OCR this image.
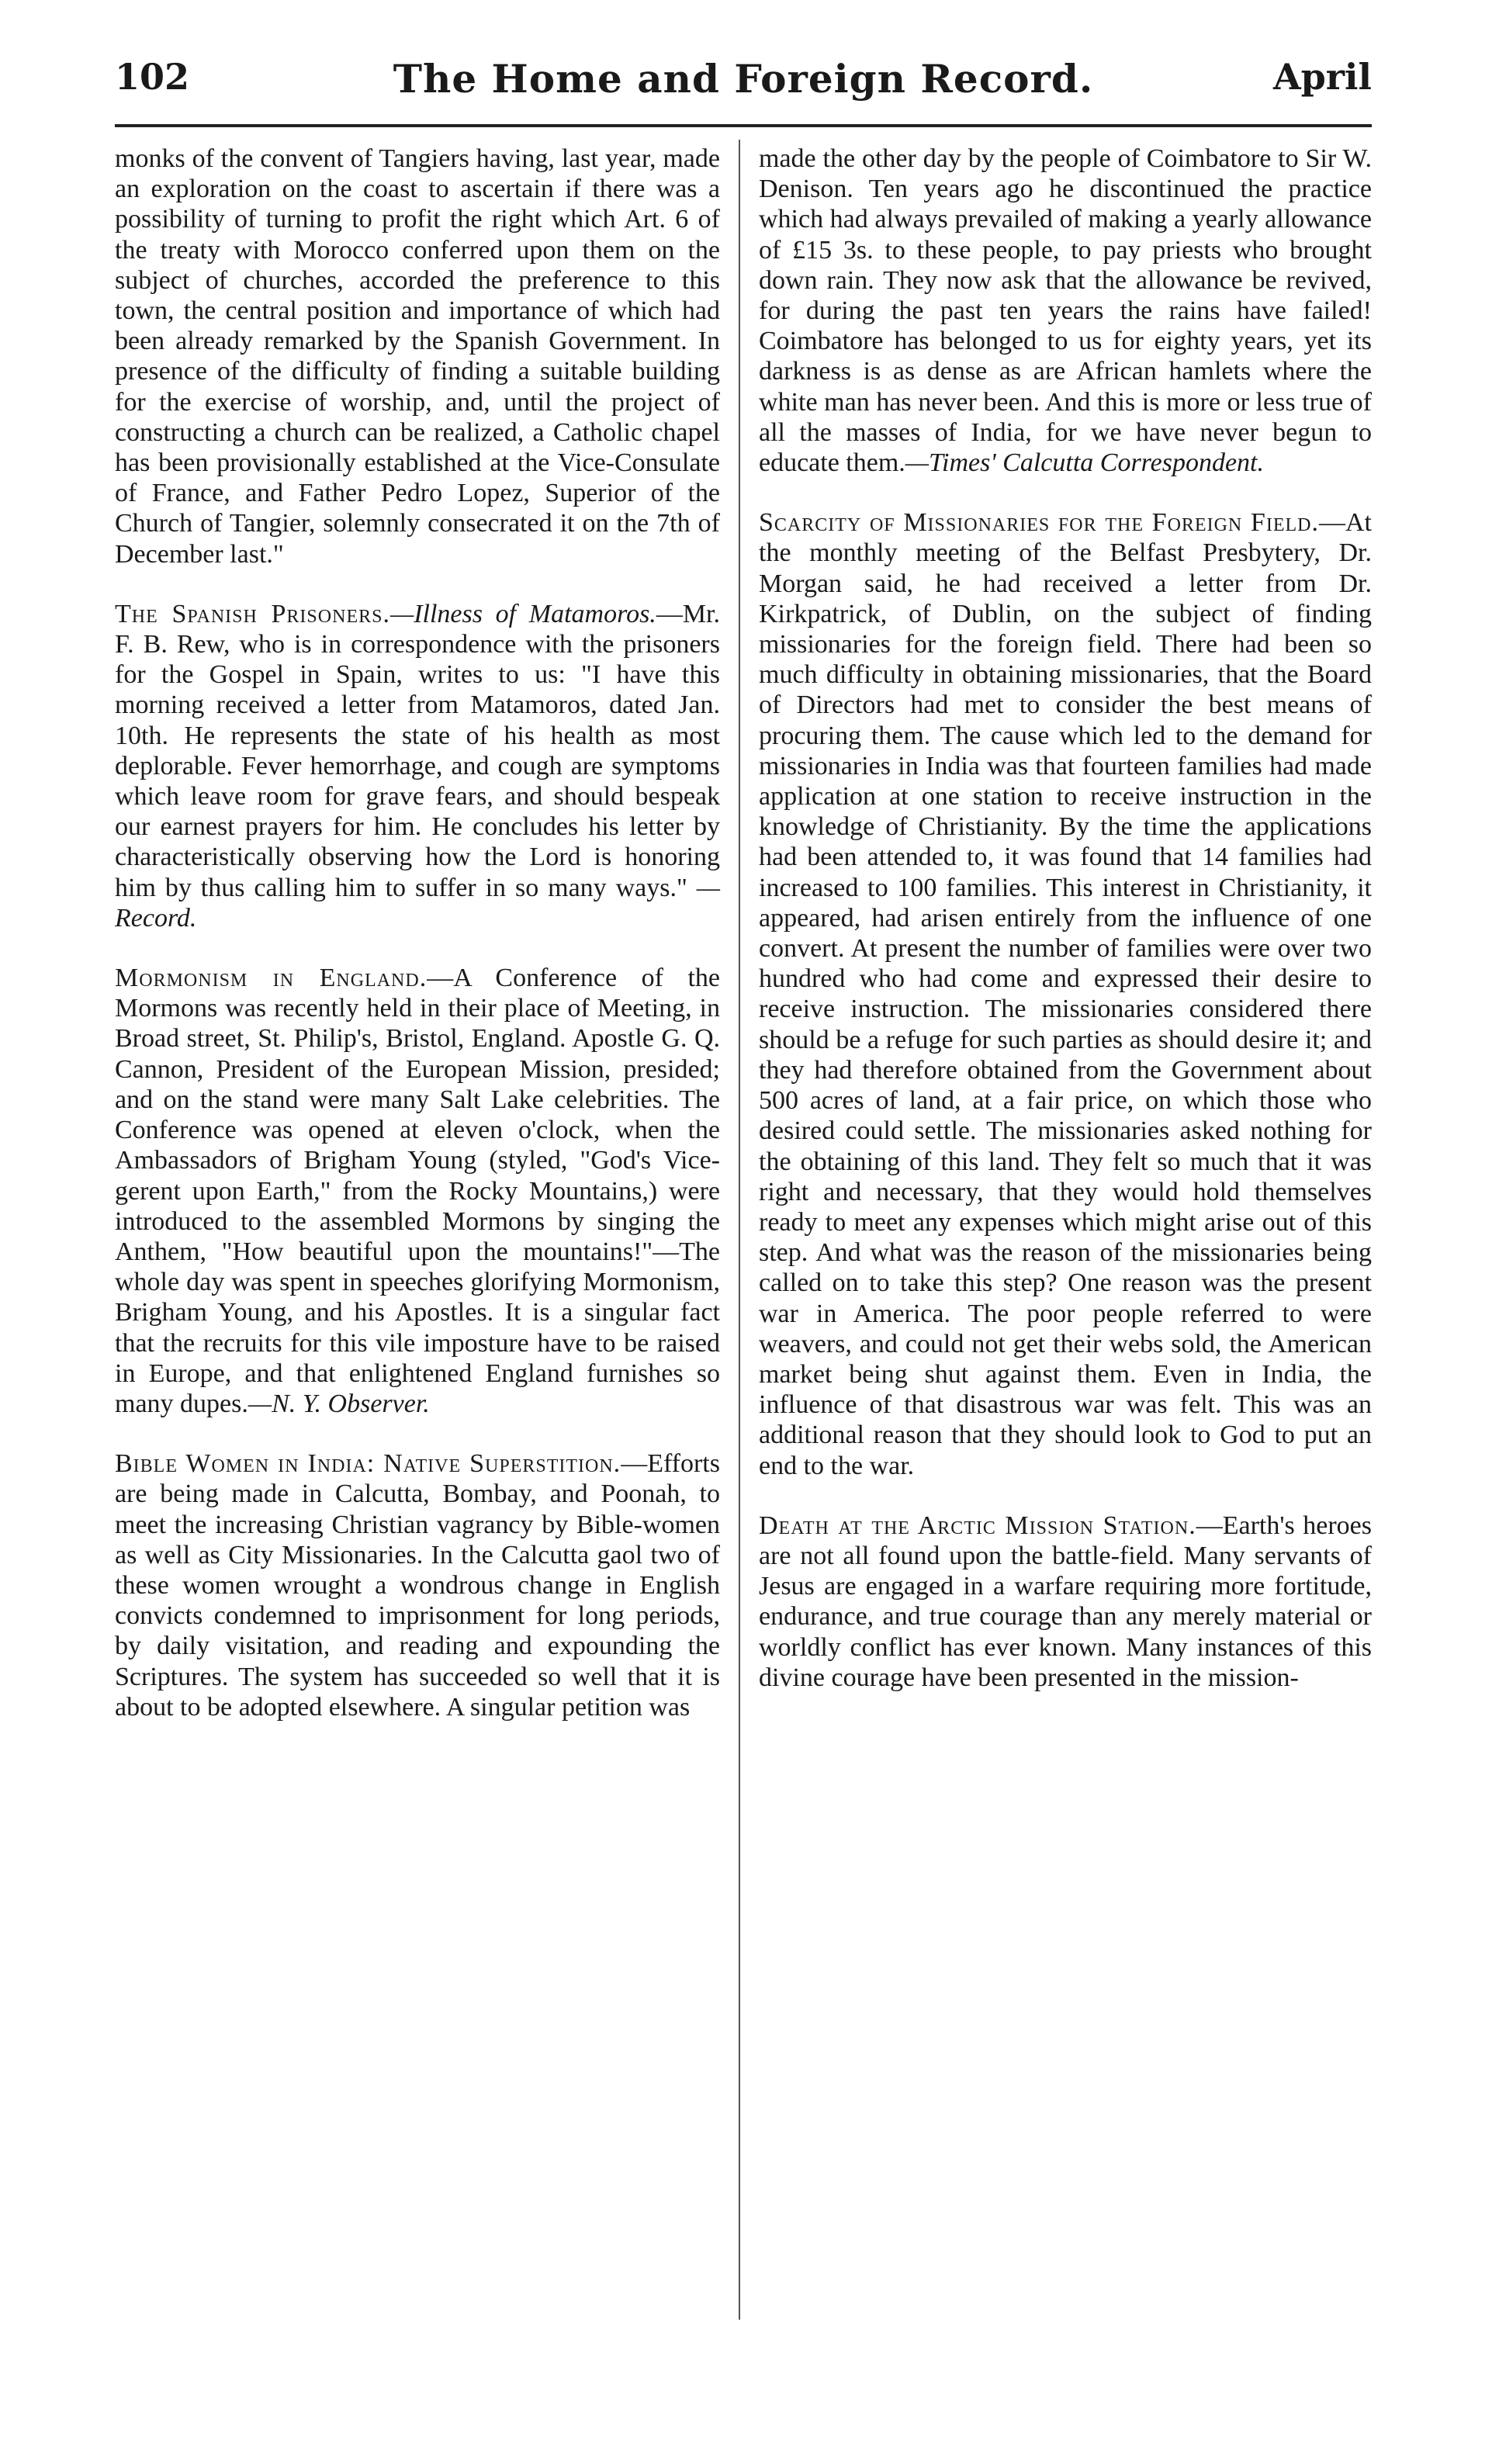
102	The Home and Foreign Record.	April

monks of the convent of Tangiers having, last year, made an exploration on the coast to ascertain if there was a possibility of turning to profit the right which Art. 6 of the treaty with Morocco conferred upon them on the subject of churches, accorded the preference to this town, the central position and importance of which had been already remarked by the Spanish Government. In presence of the difficulty of finding a suitable building for the exercise of worship, and, until the project of constructing a church can be realized, a Catholic chapel has been provisionally established at the Vice-Consulate of France, and Father Pedro Lopez, Superior of the Church of Tangier, solemnly consecrated it on the 7th of December last."

The Spanish Prisoners.—Illness of Matamoros.—Mr. F. B. Rew, who is in correspondence with the prisoners for the Gospel in Spain, writes to us: "I have this morning received a letter from Matamoros, dated Jan. 10th. He represents the state of his health as most deplorable. Fever hemorrhage, and cough are symptoms which leave room for grave fears, and should bespeak our earnest prayers for him. He concludes his letter by characteristically observing how the Lord is honoring him by thus calling him to suffer in so many ways." —Record.

Mormonism in England.—A Conference of the Mormons was recently held in their place of Meeting, in Broad street, St. Philip's, Bristol, England. Apostle G. Q. Cannon, President of the European Mission, presided; and on the stand were many Salt Lake celebrities. The Conference was opened at eleven o'clock, when the Ambassadors of Brigham Young (styled, "God's Vice-gerent upon Earth," from the Rocky Mountains,) were introduced to the assembled Mormons by singing the Anthem, "How beautiful upon the mountains!"—The whole day was spent in speeches glorifying Mormonism, Brigham Young, and his Apostles. It is a singular fact that the recruits for this vile imposture have to be raised in Europe, and that enlightened England furnishes so many dupes.—N. Y. Observer.

Bible Women in India: Native Superstition.—Efforts are being made in Calcutta, Bombay, and Poonah, to meet the increasing Christian vagrancy by Bible-women as well as City Missionaries. In the Calcutta gaol two of these women wrought a wondrous change in English convicts condemned to imprisonment for long periods, by daily visitation, and reading and expounding the Scriptures. The system has succeeded so well that it is about to be adopted elsewhere. A singular petition was

made the other day by the people of Coimbatore to Sir W. Denison. Ten years ago he discontinued the practice which had always prevailed of making a yearly allowance of £15 3s. to these people, to pay priests who brought down rain. They now ask that the allowance be revived, for during the past ten years the rains have failed! Coimbatore has belonged to us for eighty years, yet its darkness is as dense as are African hamlets where the white man has never been. And this is more or less true of all the masses of India, for we have never begun to educate them.—Times' Calcutta Correspondent.

Scarcity of Missionaries for the Foreign Field.—At the monthly meeting of the Belfast Presbytery, Dr. Morgan said, he had received a letter from Dr. Kirkpatrick, of Dublin, on the subject of finding missionaries for the foreign field. There had been so much difficulty in obtaining missionaries, that the Board of Directors had met to consider the best means of procuring them. The cause which led to the demand for missionaries in India was that fourteen families had made application at one station to receive instruction in the knowledge of Christianity. By the time the applications had been attended to, it was found that 14 families had increased to 100 families. This interest in Christianity, it appeared, had arisen entirely from the influence of one convert. At present the number of families were over two hundred who had come and expressed their desire to receive instruction. The missionaries considered there should be a refuge for such parties as should desire it; and they had therefore obtained from the Government about 500 acres of land, at a fair price, on which those who desired could settle. The missionaries asked nothing for the obtaining of this land. They felt so much that it was right and necessary, that they would hold themselves ready to meet any expenses which might arise out of this step. And what was the reason of the missionaries being called on to take this step? One reason was the present war in America. The poor people referred to were weavers, and could not get their webs sold, the American market being shut against them. Even in India, the influence of that disastrous war was felt. This was an additional reason that they should look to God to put an end to the war.

Death at the Arctic Mission Station.—Earth's heroes are not all found upon the battle-field. Many servants of Jesus are engaged in a warfare requiring more fortitude, endurance, and true courage than any merely material or worldly conflict has ever known. Many instances of this divine courage have been presented in the mission-
